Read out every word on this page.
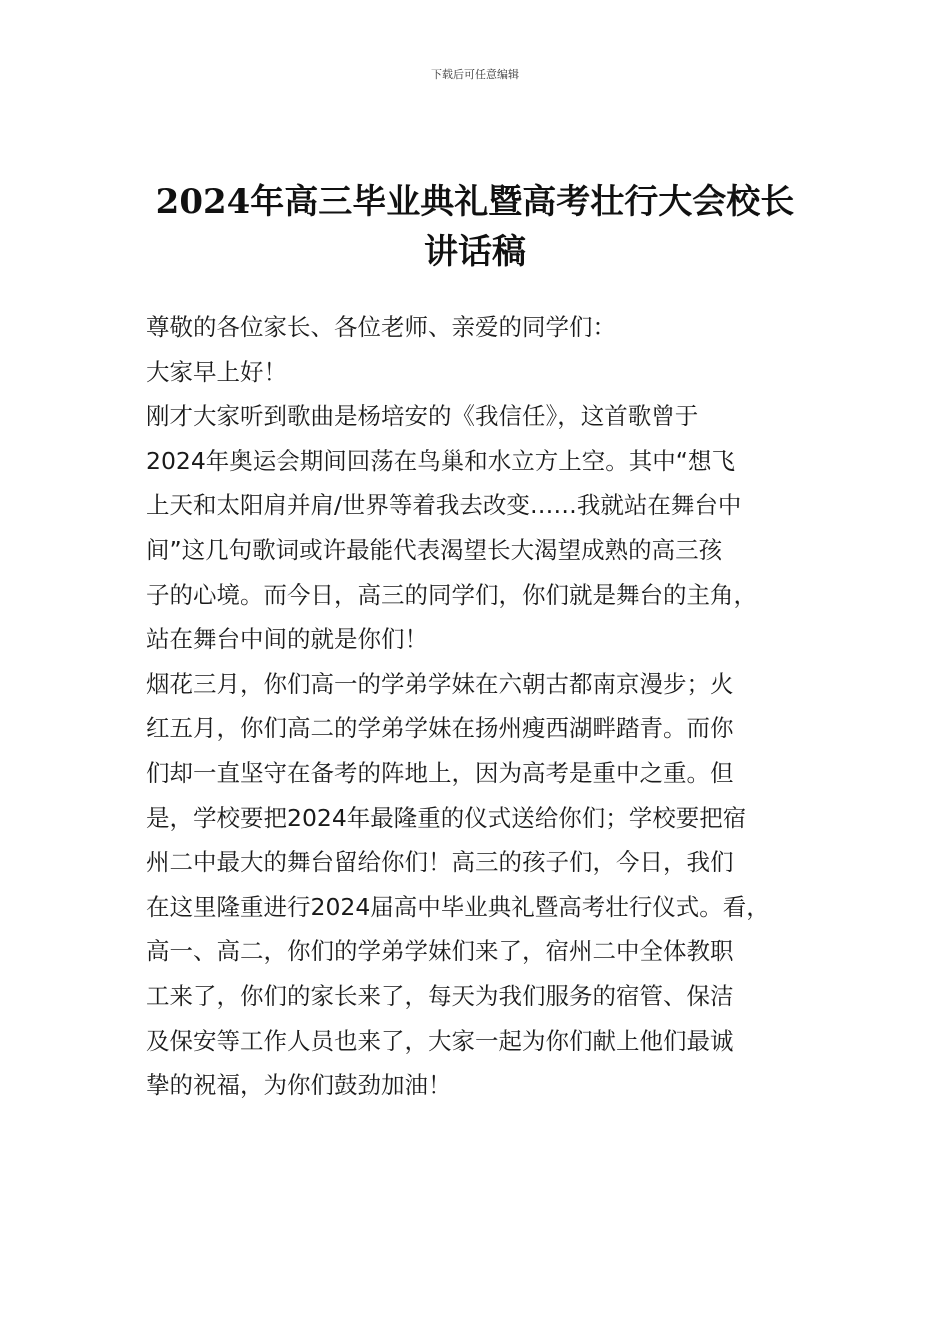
下载后可任意编辑
2024年高三毕业典礼暨高考壮行大会校长
讲话稿
尊敬的各位家长、各位老师、亲爱的同学们：
大家早上好！
刚才大家听到歌曲是杨培安的《我信任》，这首歌曾于
2024年奥运会期间回荡在鸟巢和水立方上空。其中“想飞
上天和太阳肩并肩/世界等着我去改变……我就站在舞台中
间”这几句歌词或许最能代表渴望长大渴望成熟的高三孩
子的心境。而今日，高三的同学们，你们就是舞台的主角，
站在舞台中间的就是你们！
烟花三月，你们高一的学弟学妹在六朝古都南京漫步；火
红五月，你们高二的学弟学妹在扬州瘦西湖畔踏青。而你
们却一直坚守在备考的阵地上，因为高考是重中之重。但
是，学校要把2024年最隆重的仪式送给你们；学校要把宿
州二中最大的舞台留给你们！高三的孩子们，今日，我们
在这里隆重进行2024届高中毕业典礼暨高考壮行仪式。看，
高一、高二，你们的学弟学妹们来了，宿州二中全体教职
工来了，你们的家长来了，每天为我们服务的宿管、保洁
及保安等工作人员也来了，大家一起为你们献上他们最诚
挚的祝福，为你们鼓劲加油！
